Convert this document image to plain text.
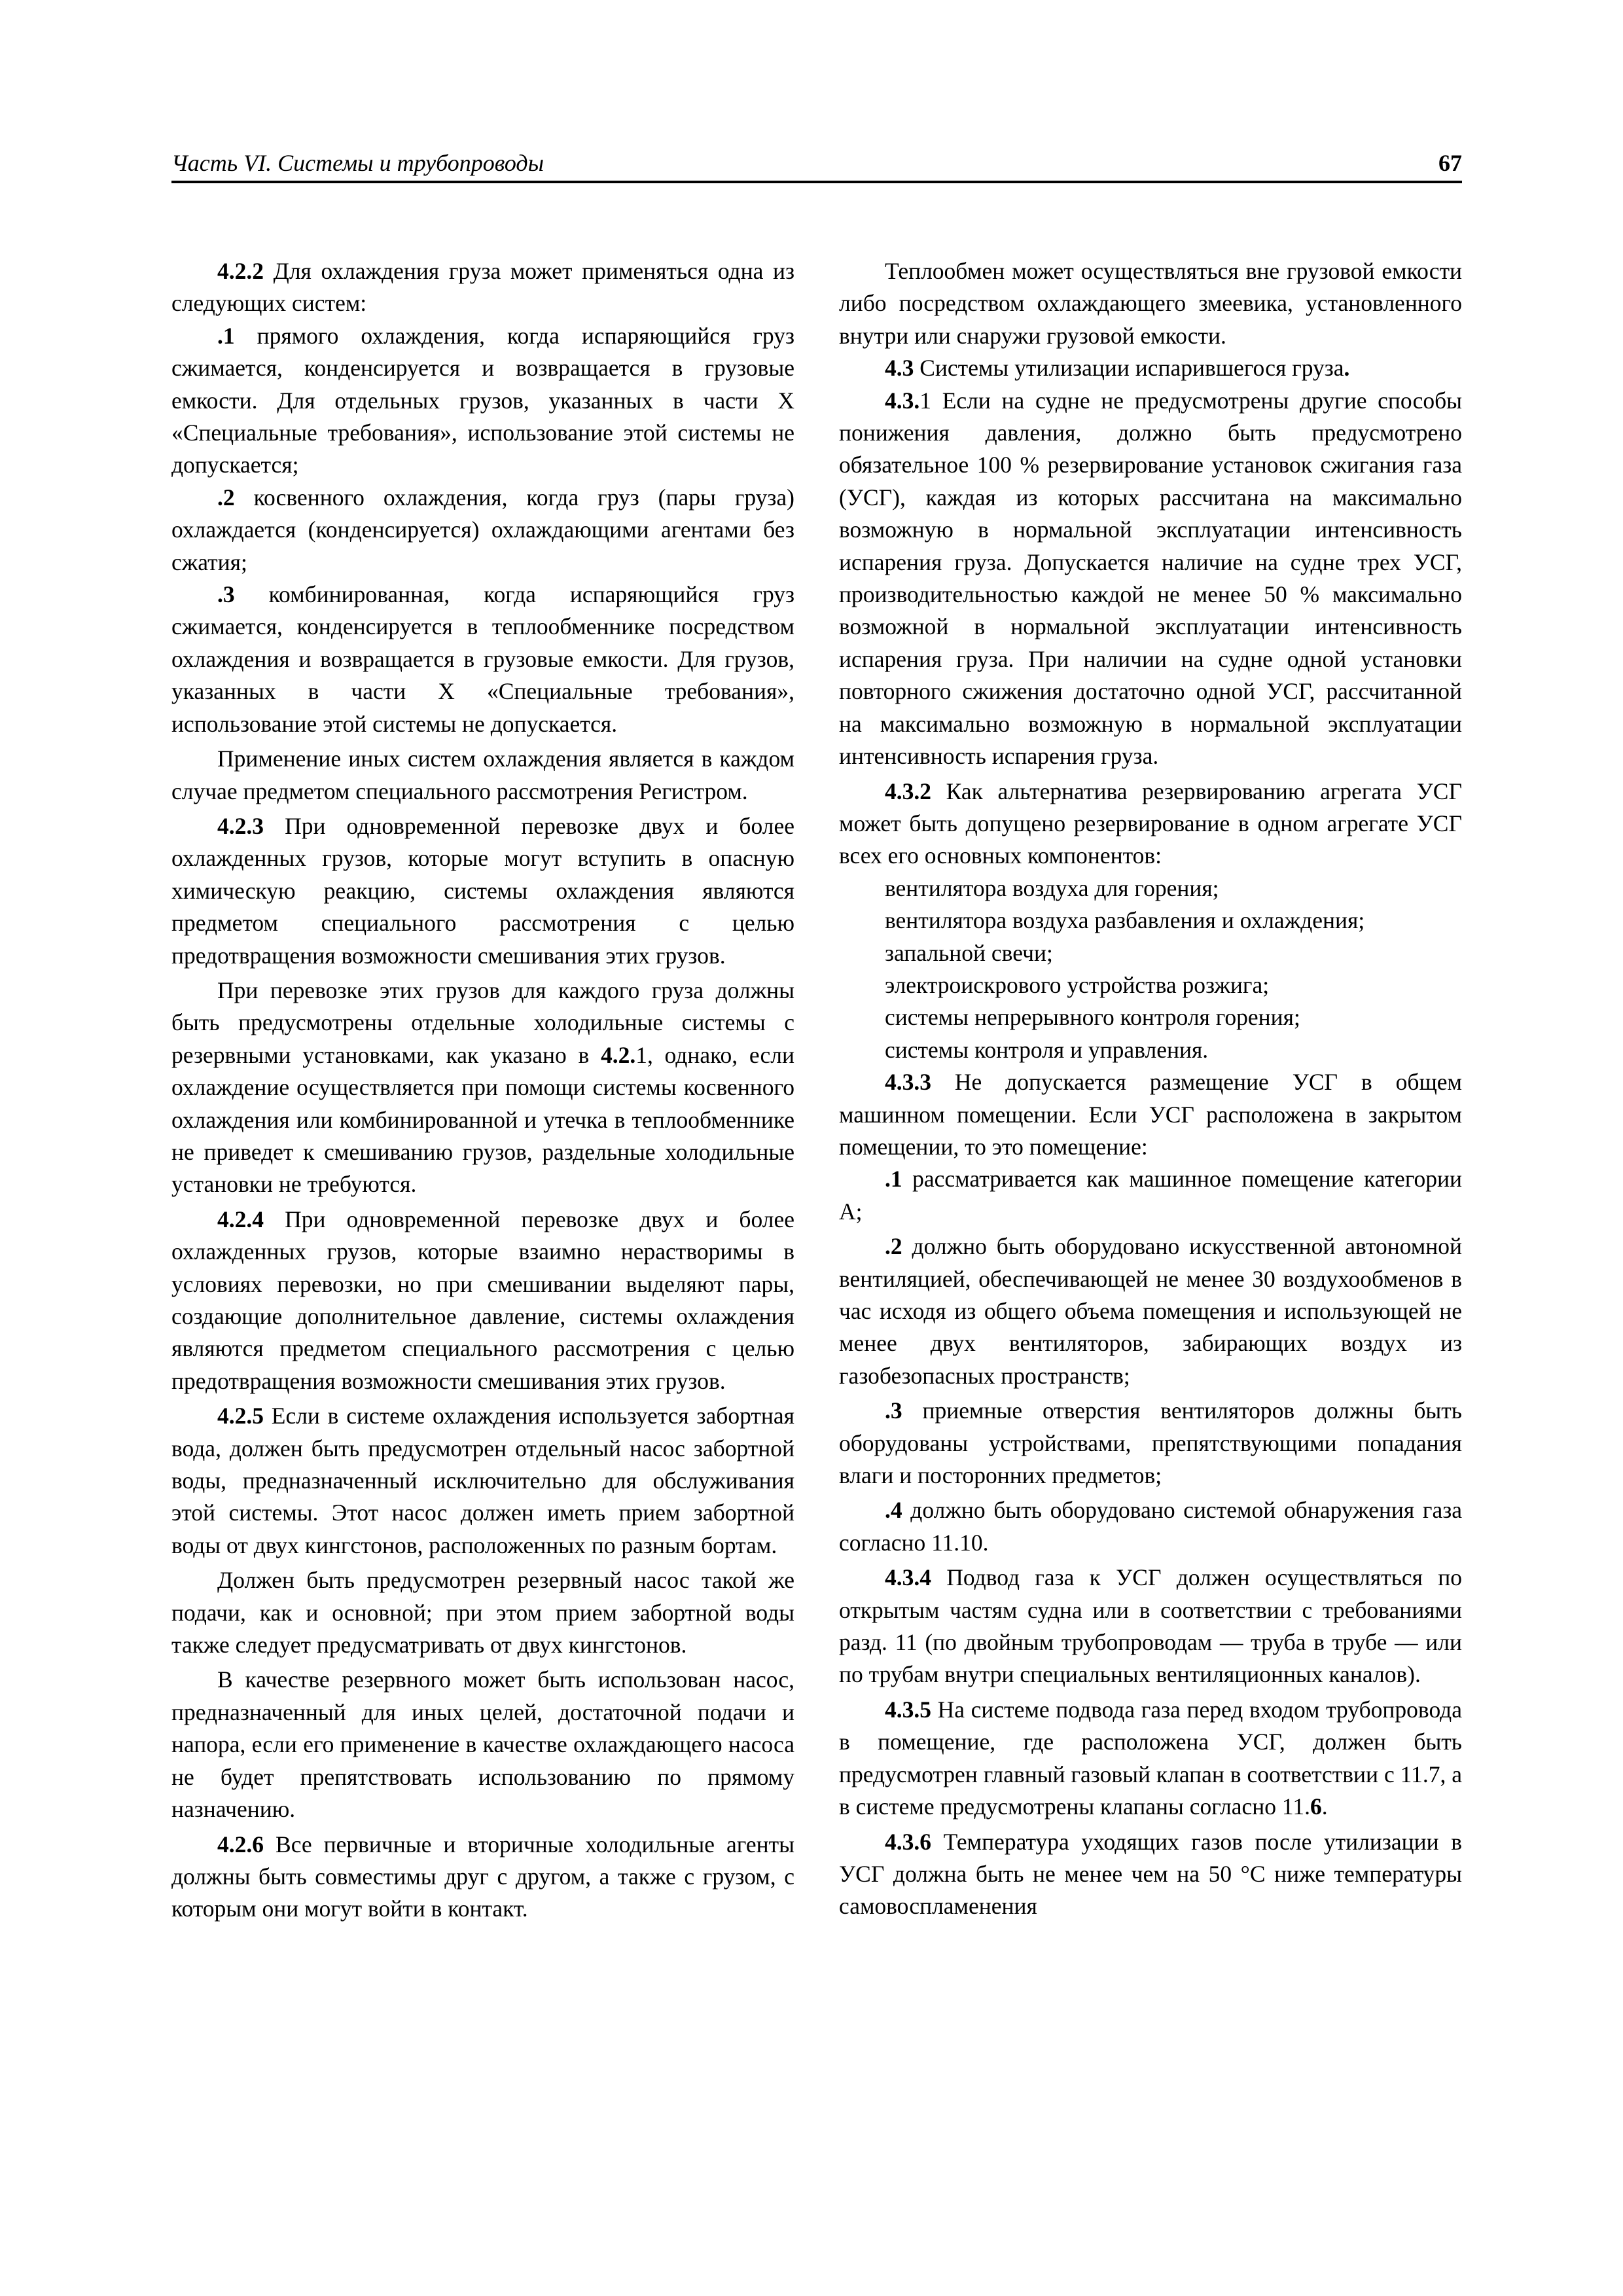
Часть VI. Системы и трубопроводы	67

4.2.2 Для охлаждения груза может применяться одна из следующих систем:

.1 прямого охлаждения, когда испаряющийся груз сжимается, конденсируется и возвращается в грузовые емкости. Для отдельных грузов, указанных в части X «Специальные требования», использование этой системы не допускается;

.2 косвенного охлаждения, когда груз (пары груза) охлаждается (конденсируется) охлаждающими агентами без сжатия;

.3 комбинированная, когда испаряющийся груз сжимается, конденсируется в теплообменнике посредством охлаждения и возвращается в грузовые емкости. Для грузов, указанных в части X «Специальные требования», использование этой системы не допускается.

Применение иных систем охлаждения является в каждом случае предметом специального рассмотрения Регистром.

4.2.3 При одновременной перевозке двух и более охлажденных грузов, которые могут вступить в опасную химическую реакцию, системы охлаждения являются предметом специального рассмотрения с целью предотвращения возможности смешивания этих грузов.

При перевозке этих грузов для каждого груза должны быть предусмотрены отдельные холодильные системы с резервными установками, как указано в 4.2.1, однако, если охлаждение осуществляется при помощи системы косвенного охлаждения или комбинированной и утечка в теплообменнике не приведет к смешиванию грузов, раздельные холодильные установки не требуются.

4.2.4 При одновременной перевозке двух и более охлажденных грузов, которые взаимно нерастворимы в условиях перевозки, но при смешивании выделяют пары, создающие дополнительное давление, системы охлаждения являются предметом специального рассмотрения с целью предотвращения возможности смешивания этих грузов.

4.2.5 Если в системе охлаждения используется забортная вода, должен быть предусмотрен отдельный насос забортной воды, предназначенный исключительно для обслуживания этой системы. Этот насос должен иметь прием забортной воды от двух кингстонов, расположенных по разным бортам.

Должен быть предусмотрен резервный насос такой же подачи, как и основной; при этом прием забортной воды также следует предусматривать от двух кингстонов.

В качестве резервного может быть использован насос, предназначенный для иных целей, достаточной подачи и напора, если его применение в качестве охлаждающего насоса не будет препятствовать использованию по прямому назначению.

4.2.6 Все первичные и вторичные холодильные агенты должны быть совместимы друг с другом, а также с грузом, с которым они могут войти в контакт.

Теплообмен может осуществляться вне грузовой емкости либо посредством охлаждающего змеевика, установленного внутри или снаружи грузовой емкости.

4.3 Системы утилизации испарившегося груза.

4.3.1 Если на судне не предусмотрены другие способы понижения давления, должно быть предусмотрено обязательное 100 % резервирование установок сжигания газа (УСГ), каждая из которых рассчитана на максимально возможную в нормальной эксплуатации интенсивность испарения груза. Допускается наличие на судне трех УСГ, производительностью каждой не менее 50 % максимально возможной в нормальной эксплуатации интенсивность испарения груза. При наличии на судне одной установки повторного сжижения достаточно одной УСГ, рассчитанной на максимально возможную в нормальной эксплуатации интенсивность испарения груза.

4.3.2 Как альтернатива резервированию агрегата УСГ может быть допущено резервирование в одном агрегате УСГ всех его основных компонентов:

вентилятора воздуха для горения;
вентилятора воздуха разбавления и охлаждения;
запальной свечи;
электроискрового устройства розжига;
системы непрерывного контроля горения;
системы контроля и управления.

4.3.3 Не допускается размещение УСГ в общем машинном помещении. Если УСГ расположена в закрытом помещении, то это помещение:

.1 рассматривается как машинное помещение категории A;

.2 должно быть оборудовано искусственной автономной вентиляцией, обеспечивающей не менее 30 воздухообменов в час исходя из общего объема помещения и использующей не менее двух вентиляторов, забирающих воздух из газобезопасных пространств;

.3 приемные отверстия вентиляторов должны быть оборудованы устройствами, препятствующими попадания влаги и посторонних предметов;

.4 должно быть оборудовано системой обнаружения газа согласно 11.10.

4.3.4 Подвод газа к УСГ должен осуществляться по открытым частям судна или в соответствии с требованиями разд. 11 (по двойным трубопроводам — труба в трубе — или по трубам внутри специальных вентиляционных каналов).

4.3.5 На системе подвода газа перед входом трубопровода в помещение, где расположена УСГ, должен быть предусмотрен главный газовый клапан в соответствии с 11.7, а в системе предусмотрены клапаны согласно 11.6.

4.3.6 Температура уходящих газов после утилизации в УСГ должна быть не менее чем на 50 °С ниже температуры самовоспламенения
